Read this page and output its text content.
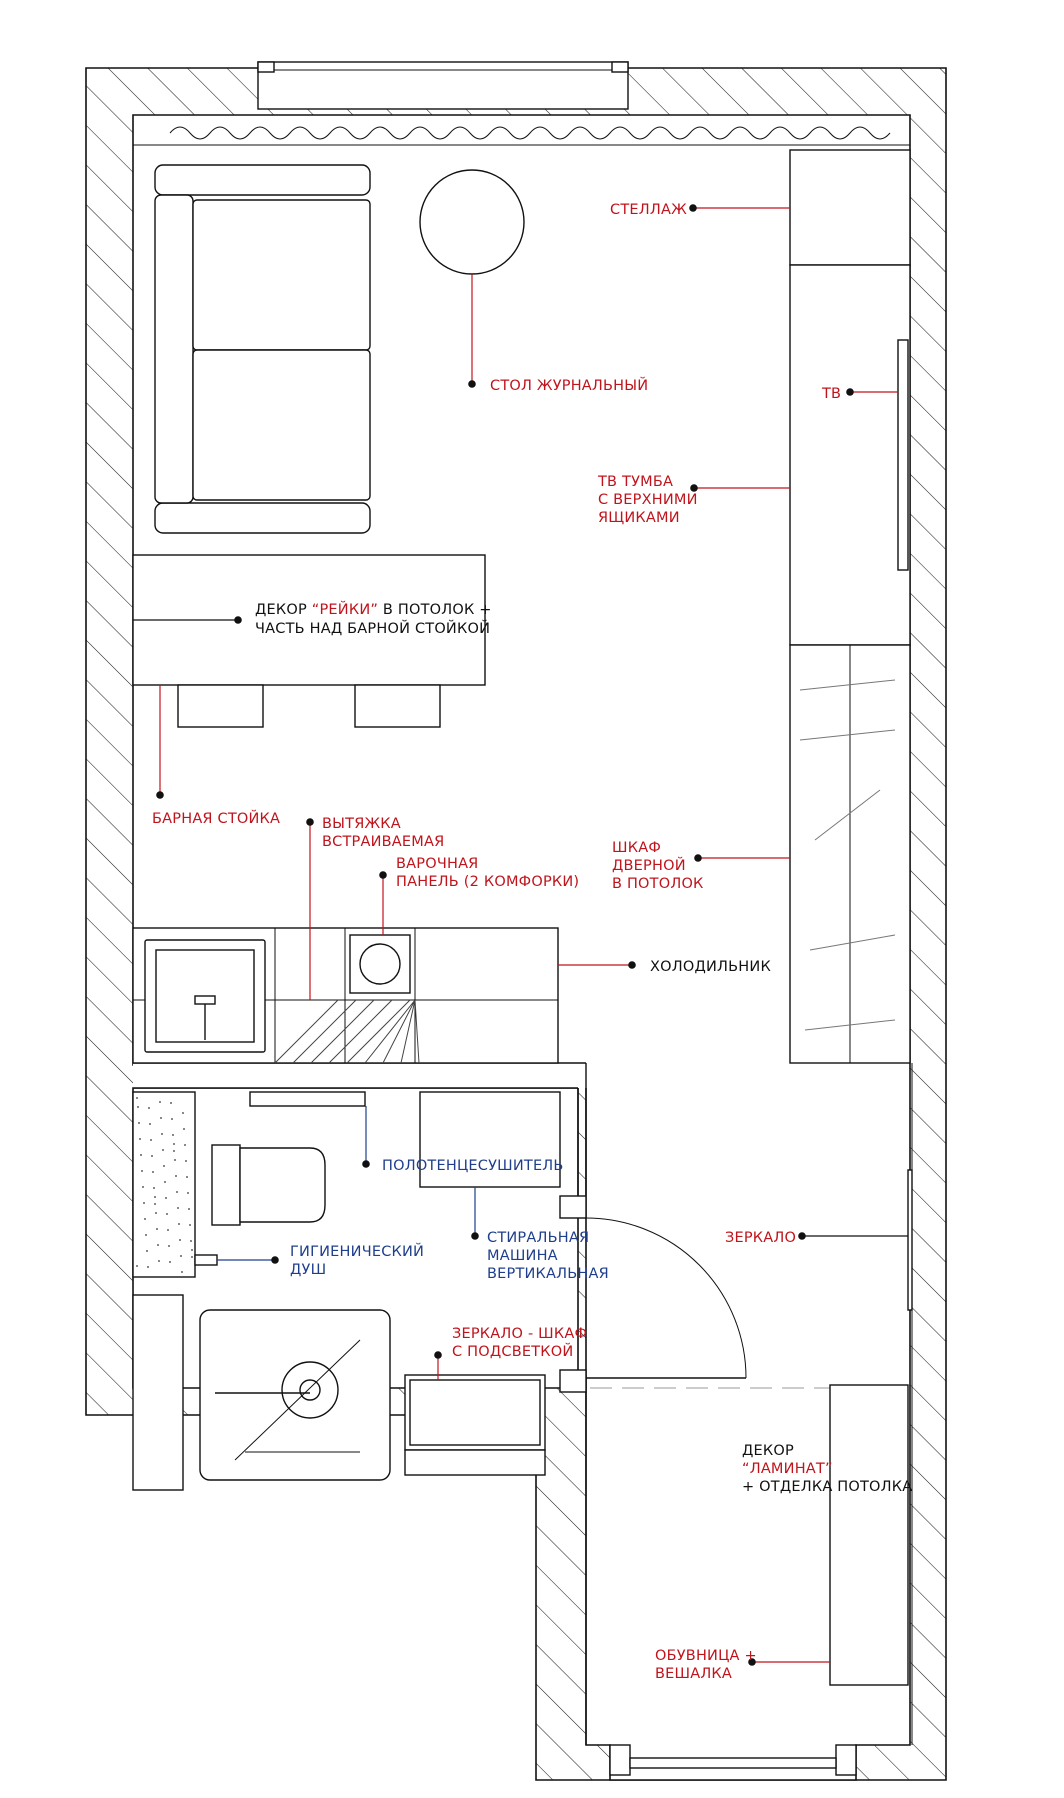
СТЕЛЛАЖ
СТОЛ ЖУРНАЛЬНЫЙ	ТВ
ТВ ТУМБА
С ВЕРХНИМИ
ЯЩИКАМИ
ДЕКОР “РЕЙКИ” В ПОТОЛОК +
ЧАСТЬ НАД БАРНОЙ СТОЙКОЙ
БАРНАЯ СТОЙКА	ВЫТЯЖКА
ВСТРАИВАЕМАЯ
ВАРОЧНАЯ
ПАНЕЛЬ (2 КОМФОРКИ)
ШКАФ
ДВЕРНОЙ
В ПОТОЛОК
ХОЛОДИЛЬНИК
ПОЛОТЕНЦЕСУШИТЕЛЬ
СТИРАЛЬНАЯ
МАШИНА
ВЕРТИКАЛЬНАЯ
ГИГИЕНИЧЕСКИЙ
ДУШ
ЗЕРКАЛО - ШКАФ
С ПОДСВЕТКОЙ
ЗЕРКАЛО
ДЕКОР
“ЛАМИНАТ”
+ ОТДЕЛКА ПОТОЛКА
ОБУВНИЦА +
ВЕШАЛКА
